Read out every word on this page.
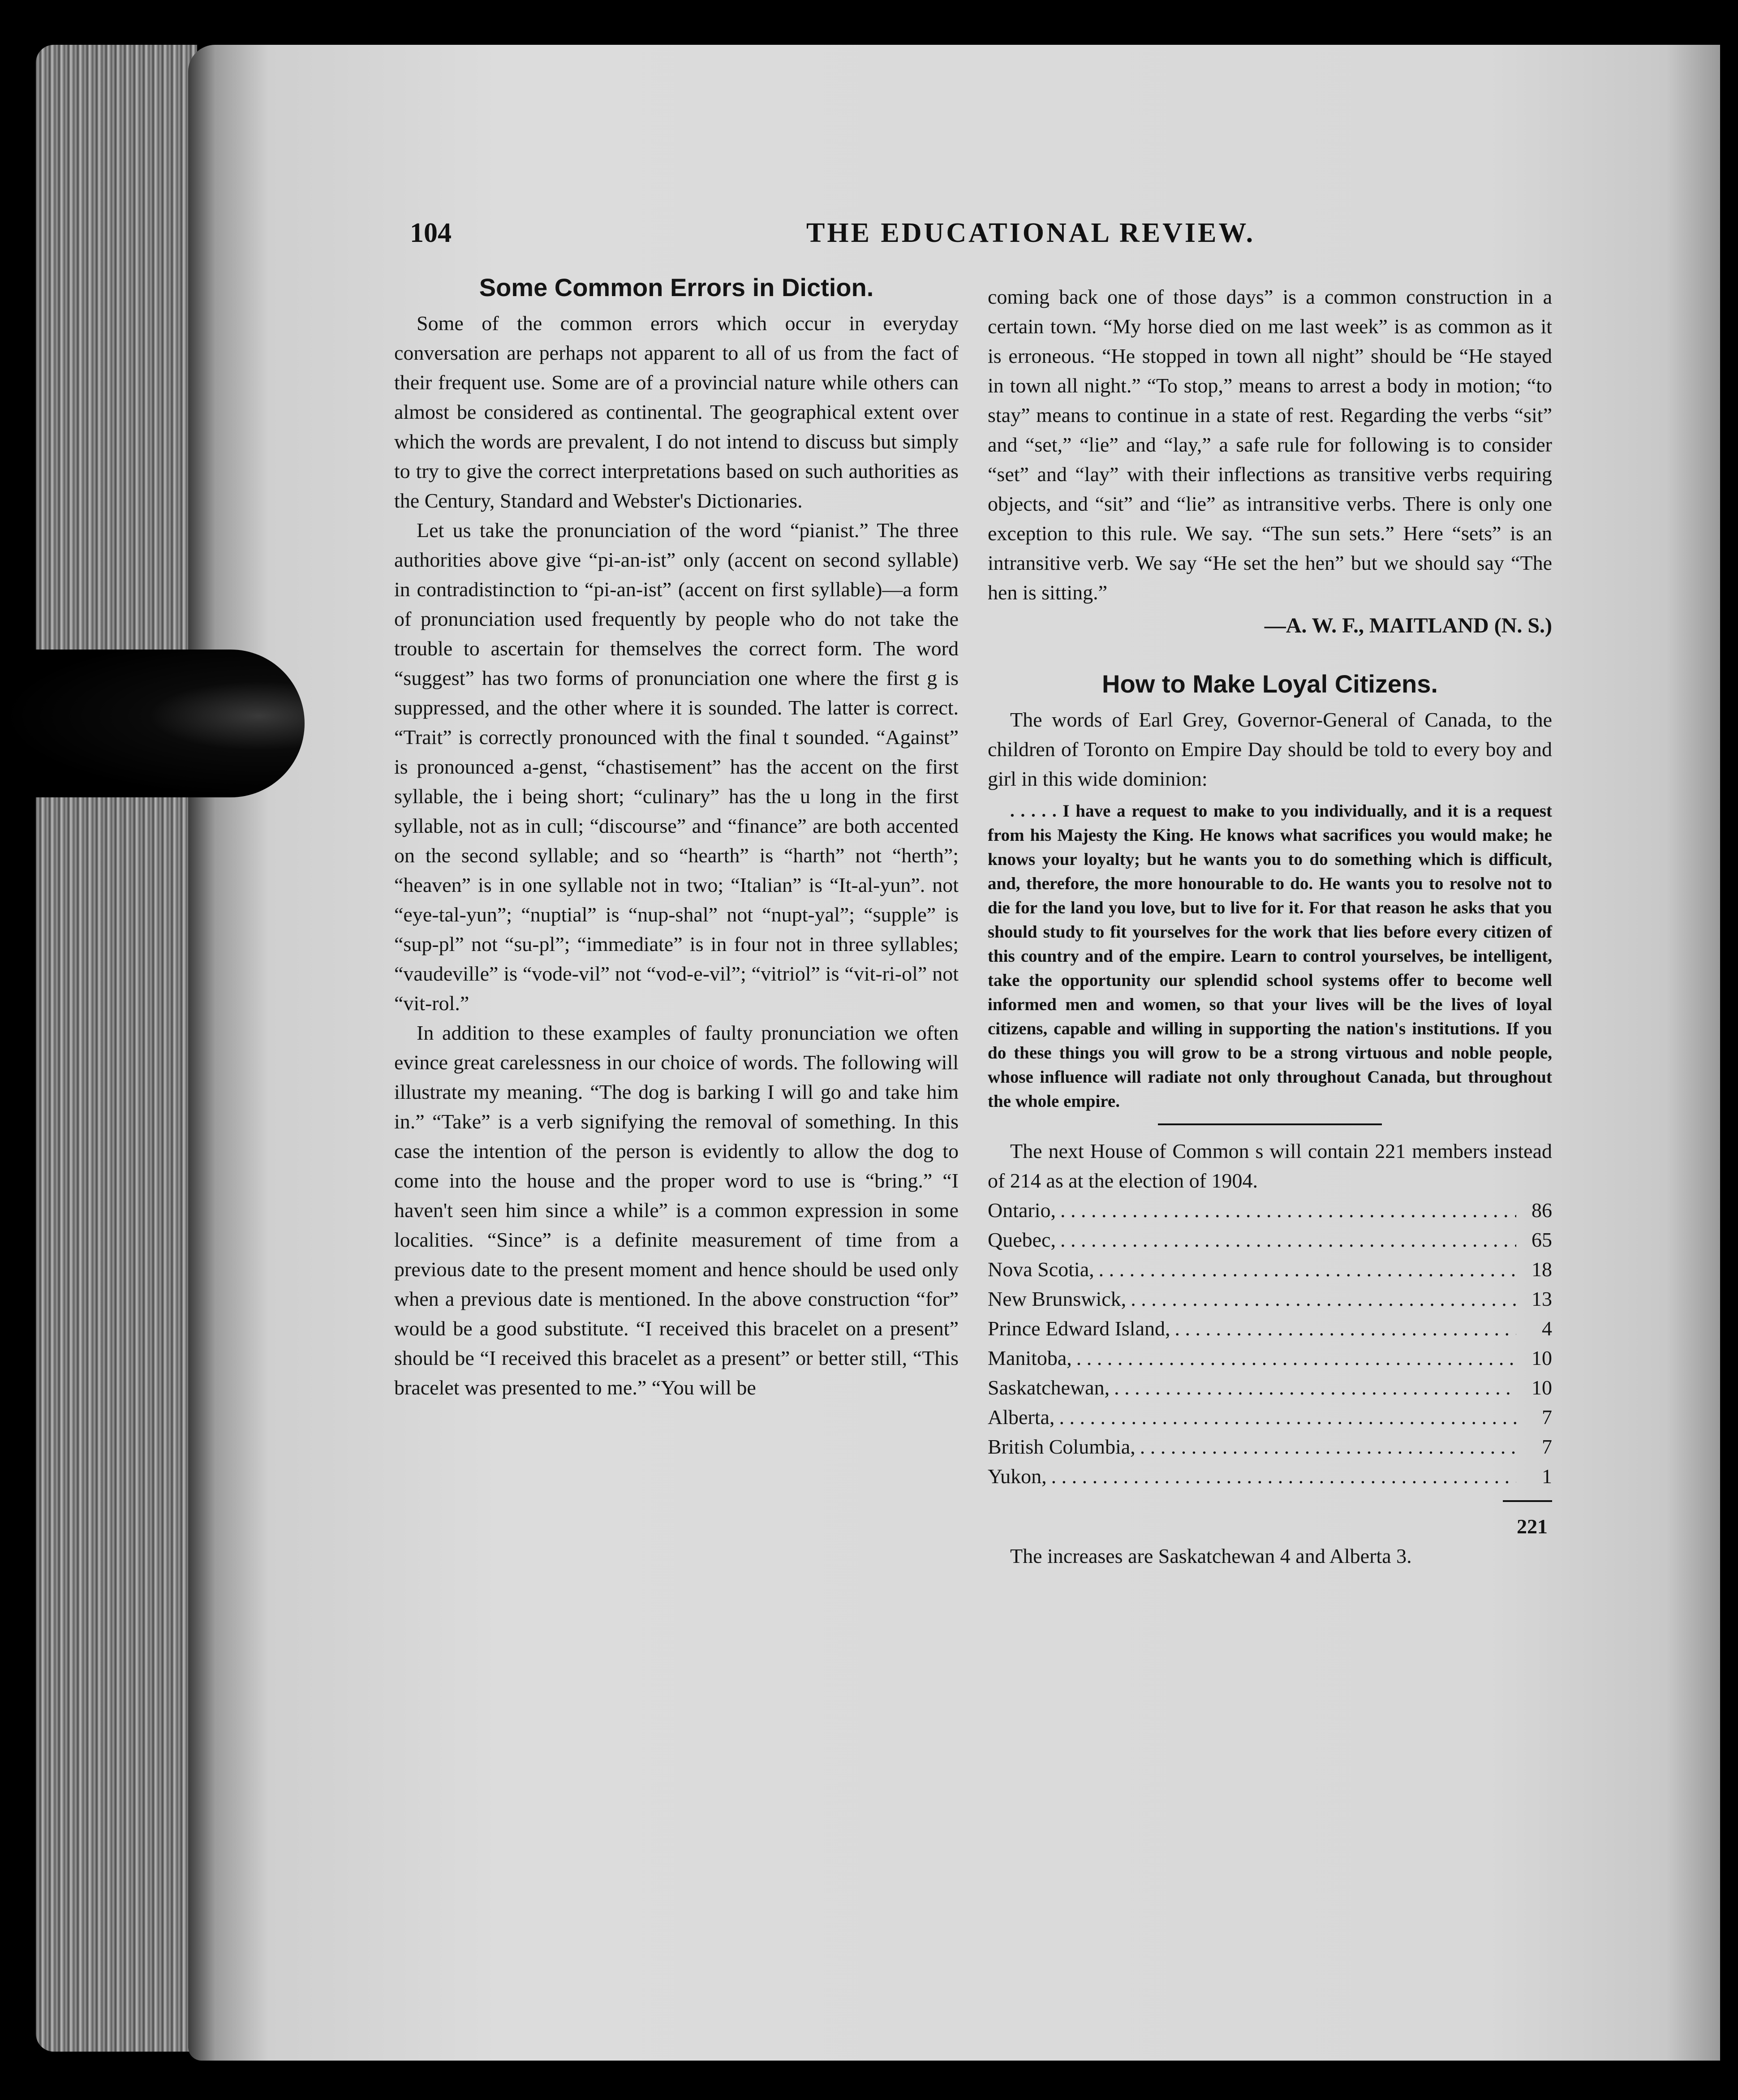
104	THE EDUCATIONAL REVIEW.
Some Common Errors in Diction.

Some of the common errors which occur in everyday conversation are perhaps not apparent to all of us from the fact of their frequent use. Some are of a provincial nature while others can almost be considered as continental. The geographical extent over which the words are prevalent, I do not intend to discuss but simply to try to give the correct interpretations based on such authorities as the Century, Standard and Webster's Dictionaries.

Let us take the pronunciation of the word “pianist.” The three authorities above give “pi-an-ist” only (accent on second syllable) in contradistinction to “pi-an-ist” (accent on first syllable)—a form of pronunciation used frequently by people who do not take the trouble to ascertain for themselves the correct form. The word “suggest” has two forms of pronunciation one where the first g is suppressed, and the other where it is sounded. The latter is correct. “Trait” is correctly pronounced with the final t sounded. “Against” is pronounced a-genst, “chastisement” has the accent on the first syllable, the i being short; “culinary” has the u long in the first syllable, not as in cull; “discourse” and “finance” are both accented on the second syllable; and so “hearth” is “harth” not “herth”; “heaven” is in one syllable not in two; “Italian” is “It-al-yun”. not “eye-tal-yun”; “nuptial” is “nup-shal” not “nupt-yal”; “supple” is “sup-pl” not “su-pl”; “immediate” is in four not in three syllables; “vaudeville” is “vode-vil” not “vod-e-vil”; “vitriol” is “vit-ri-ol” not “vit-rol.”

In addition to these examples of faulty pronunciation we often evince great carelessness in our choice of words. The following will illustrate my meaning. “The dog is barking I will go and take him in.” “Take” is a verb signifying the removal of something. In this case the intention of the person is evidently to allow the dog to come into the house and the proper word to use is “bring.” “I haven't seen him since a while” is a common expression in some localities. “Since” is a definite measurement of time from a previous date to the present moment and hence should be used only when a previous date is mentioned. In the above construction “for” would be a good substitute. “I received this bracelet on a present” should be “I received this bracelet as a present” or better still, “This bracelet was presented to me.” “You will be

coming back one of those days” is a common construction in a certain town. “My horse died on me last week” is as common as it is erroneous. “He stopped in town all night” should be “He stayed in town all night.” “To stop,” means to arrest a body in motion; “to stay” means to continue in a state of rest. Regarding the verbs “sit” and “set,” “lie” and “lay,” a safe rule for following is to consider “set” and “lay” with their inflections as transitive verbs requiring objects, and “sit” and “lie” as intransitive verbs. There is only one exception to this rule. We say. “The sun sets.” Here “sets” is an intransitive verb. We say “He set the hen” but we should say “The hen is sitting.”

—A. W. F., MAITLAND (N. S.)
How to Make Loyal Citizens.

The words of Earl Grey, Governor-General of Canada, to the children of Toronto on Empire Day should be told to every boy and girl in this wide dominion:

. . . . . I have a request to make to you individually, and it is a request from his Majesty the King. He knows what sacrifices you would make; he knows your loyalty; but he wants you to do something which is difficult, and, therefore, the more honourable to do. He wants you to resolve not to die for the land you love, but to live for it. For that reason he asks that you should study to fit yourselves for the work that lies before every citizen of this country and of the empire. Learn to control yourselves, be intelligent, take the opportunity our splendid school systems offer to become well informed men and women, so that your lives will be the lives of loyal citizens, capable and willing in supporting the nation's institutions. If you do these things you will grow to be a strong virtuous and noble people, whose influence will radiate not only throughout Canada, but throughout the whole empire.

The next House of Common s will contain 221 members instead of 214 as at the election of 1904.

Ontario, . . .	86
Quebec, . . .	65
Nova Scotia, . . .	18
New Brunswick, . . .	13
Prince Edward Island, . . .	4
Manitoba, . . .	10
Saskatchewan, . . .	10
Alberta, . . .	7
British Columbia, . . .	7
Yukon, . . .	1
221

The increases are Saskatchewan 4 and Alberta 3.
